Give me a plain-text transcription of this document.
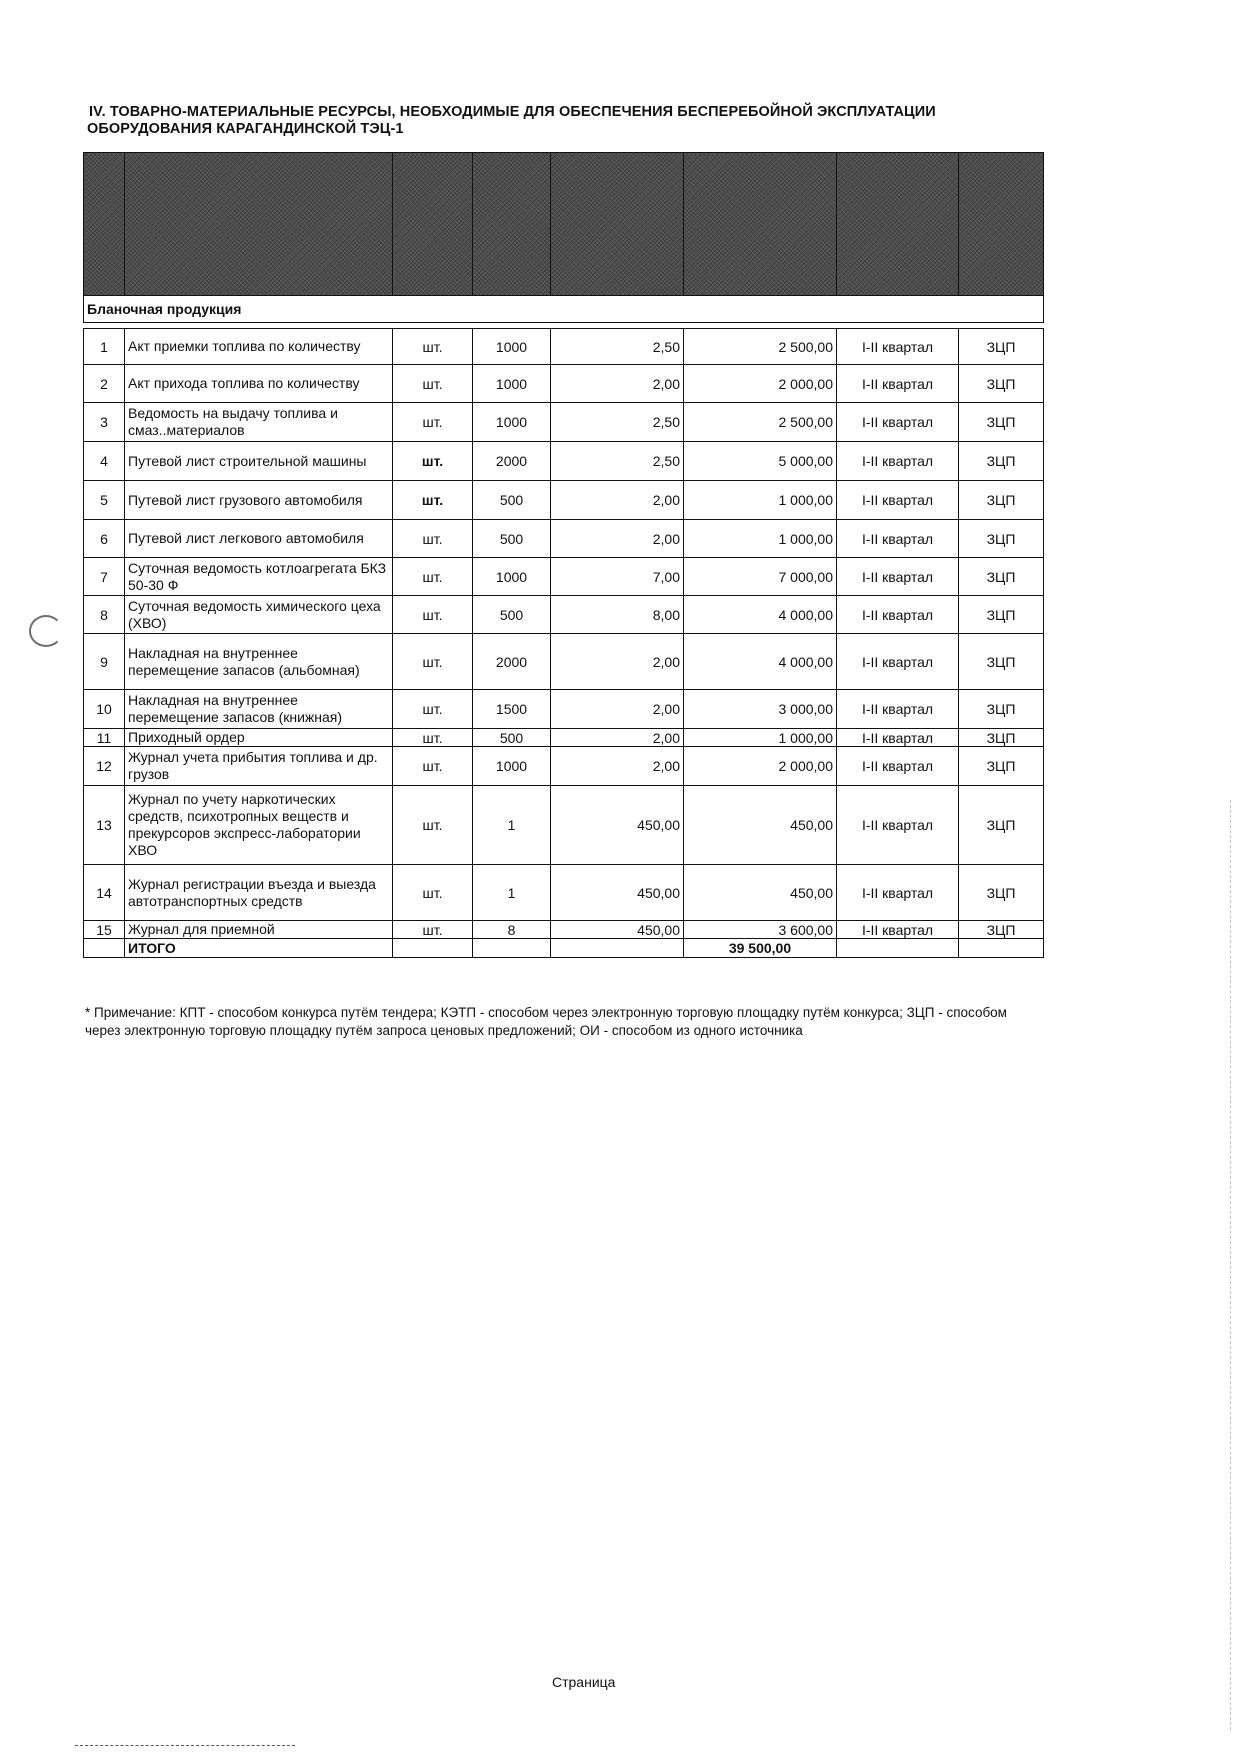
IV. ТОВАРНО-МАТЕРИАЛЬНЫЕ РЕСУРСЫ, НЕОБХОДИМЫЕ ДЛЯ ОБЕСПЕЧЕНИЯ БЕСПЕРЕБОЙНОЙ ЭКСПЛУАТАЦИИ
ОБОРУДОВАНИЯ КАРАГАНДИНСКОЙ ТЭЦ-1

Бланочная продукция							

1	Акт приемки топлива по количеству	шт.	1000	2,50	2 500,00	I-II квартал	ЗЦП
2	Акт прихода топлива по количеству	шт.	1000	2,00	2 000,00	I-II квартал	ЗЦП
3	Ведомость на выдачу топлива и смаз..материалов	шт.	1000	2,50	2 500,00	I-II квартал	ЗЦП
4	Путевой лист строительной машины	шт.	2000	2,50	5 000,00	I-II квартал	ЗЦП
5	Путевой лист грузового автомобиля	шт.	500	2,00	1 000,00	I-II квартал	ЗЦП
6	Путевой лист легкового автомобиля	шт.	500	2,00	1 000,00	I-II квартал	ЗЦП
7	Суточная ведомость котлоагрегата БКЗ 50-30 Ф	шт.	1000	7,00	7 000,00	I-II квартал	ЗЦП
8	Суточная ведомость химического цеха (ХВО)	шт.	500	8,00	4 000,00	I-II квартал	ЗЦП
9	Накладная на внутреннее перемещение запасов (альбомная)	шт.	2000	2,00	4 000,00	I-II квартал	ЗЦП
10	Накладная на внутреннее перемещение запасов (книжная)	шт.	1500	2,00	3 000,00	I-II квартал	ЗЦП
11	Приходный ордер	шт.	500	2,00	1 000,00	I-II квартал	ЗЦП
12	Журнал учета прибытия топлива и др. грузов	шт.	1000	2,00	2 000,00	I-II квартал	ЗЦП
13	Журнал по учету наркотических средств, психотропных веществ и прекурсоров экспресс-лаборатории ХВО	шт.	1	450,00	450,00	I-II квартал	ЗЦП
14	Журнал регистрации въезда и выезда автотранспортных средств	шт.	1	450,00	450,00	I-II квартал	ЗЦП
15	Журнал для приемной	шт.	8	450,00	3 600,00	I-II квартал	ЗЦП
	ИТОГО				39 500,00		
* Примечание: КПТ - способом конкурса путём тендера; КЭТП - способом через электронную торговую площадку путём конкурса; ЗЦП - способом через электронную торговую площадку путём запроса ценовых предложений; ОИ - способом из одного источника
Страница
